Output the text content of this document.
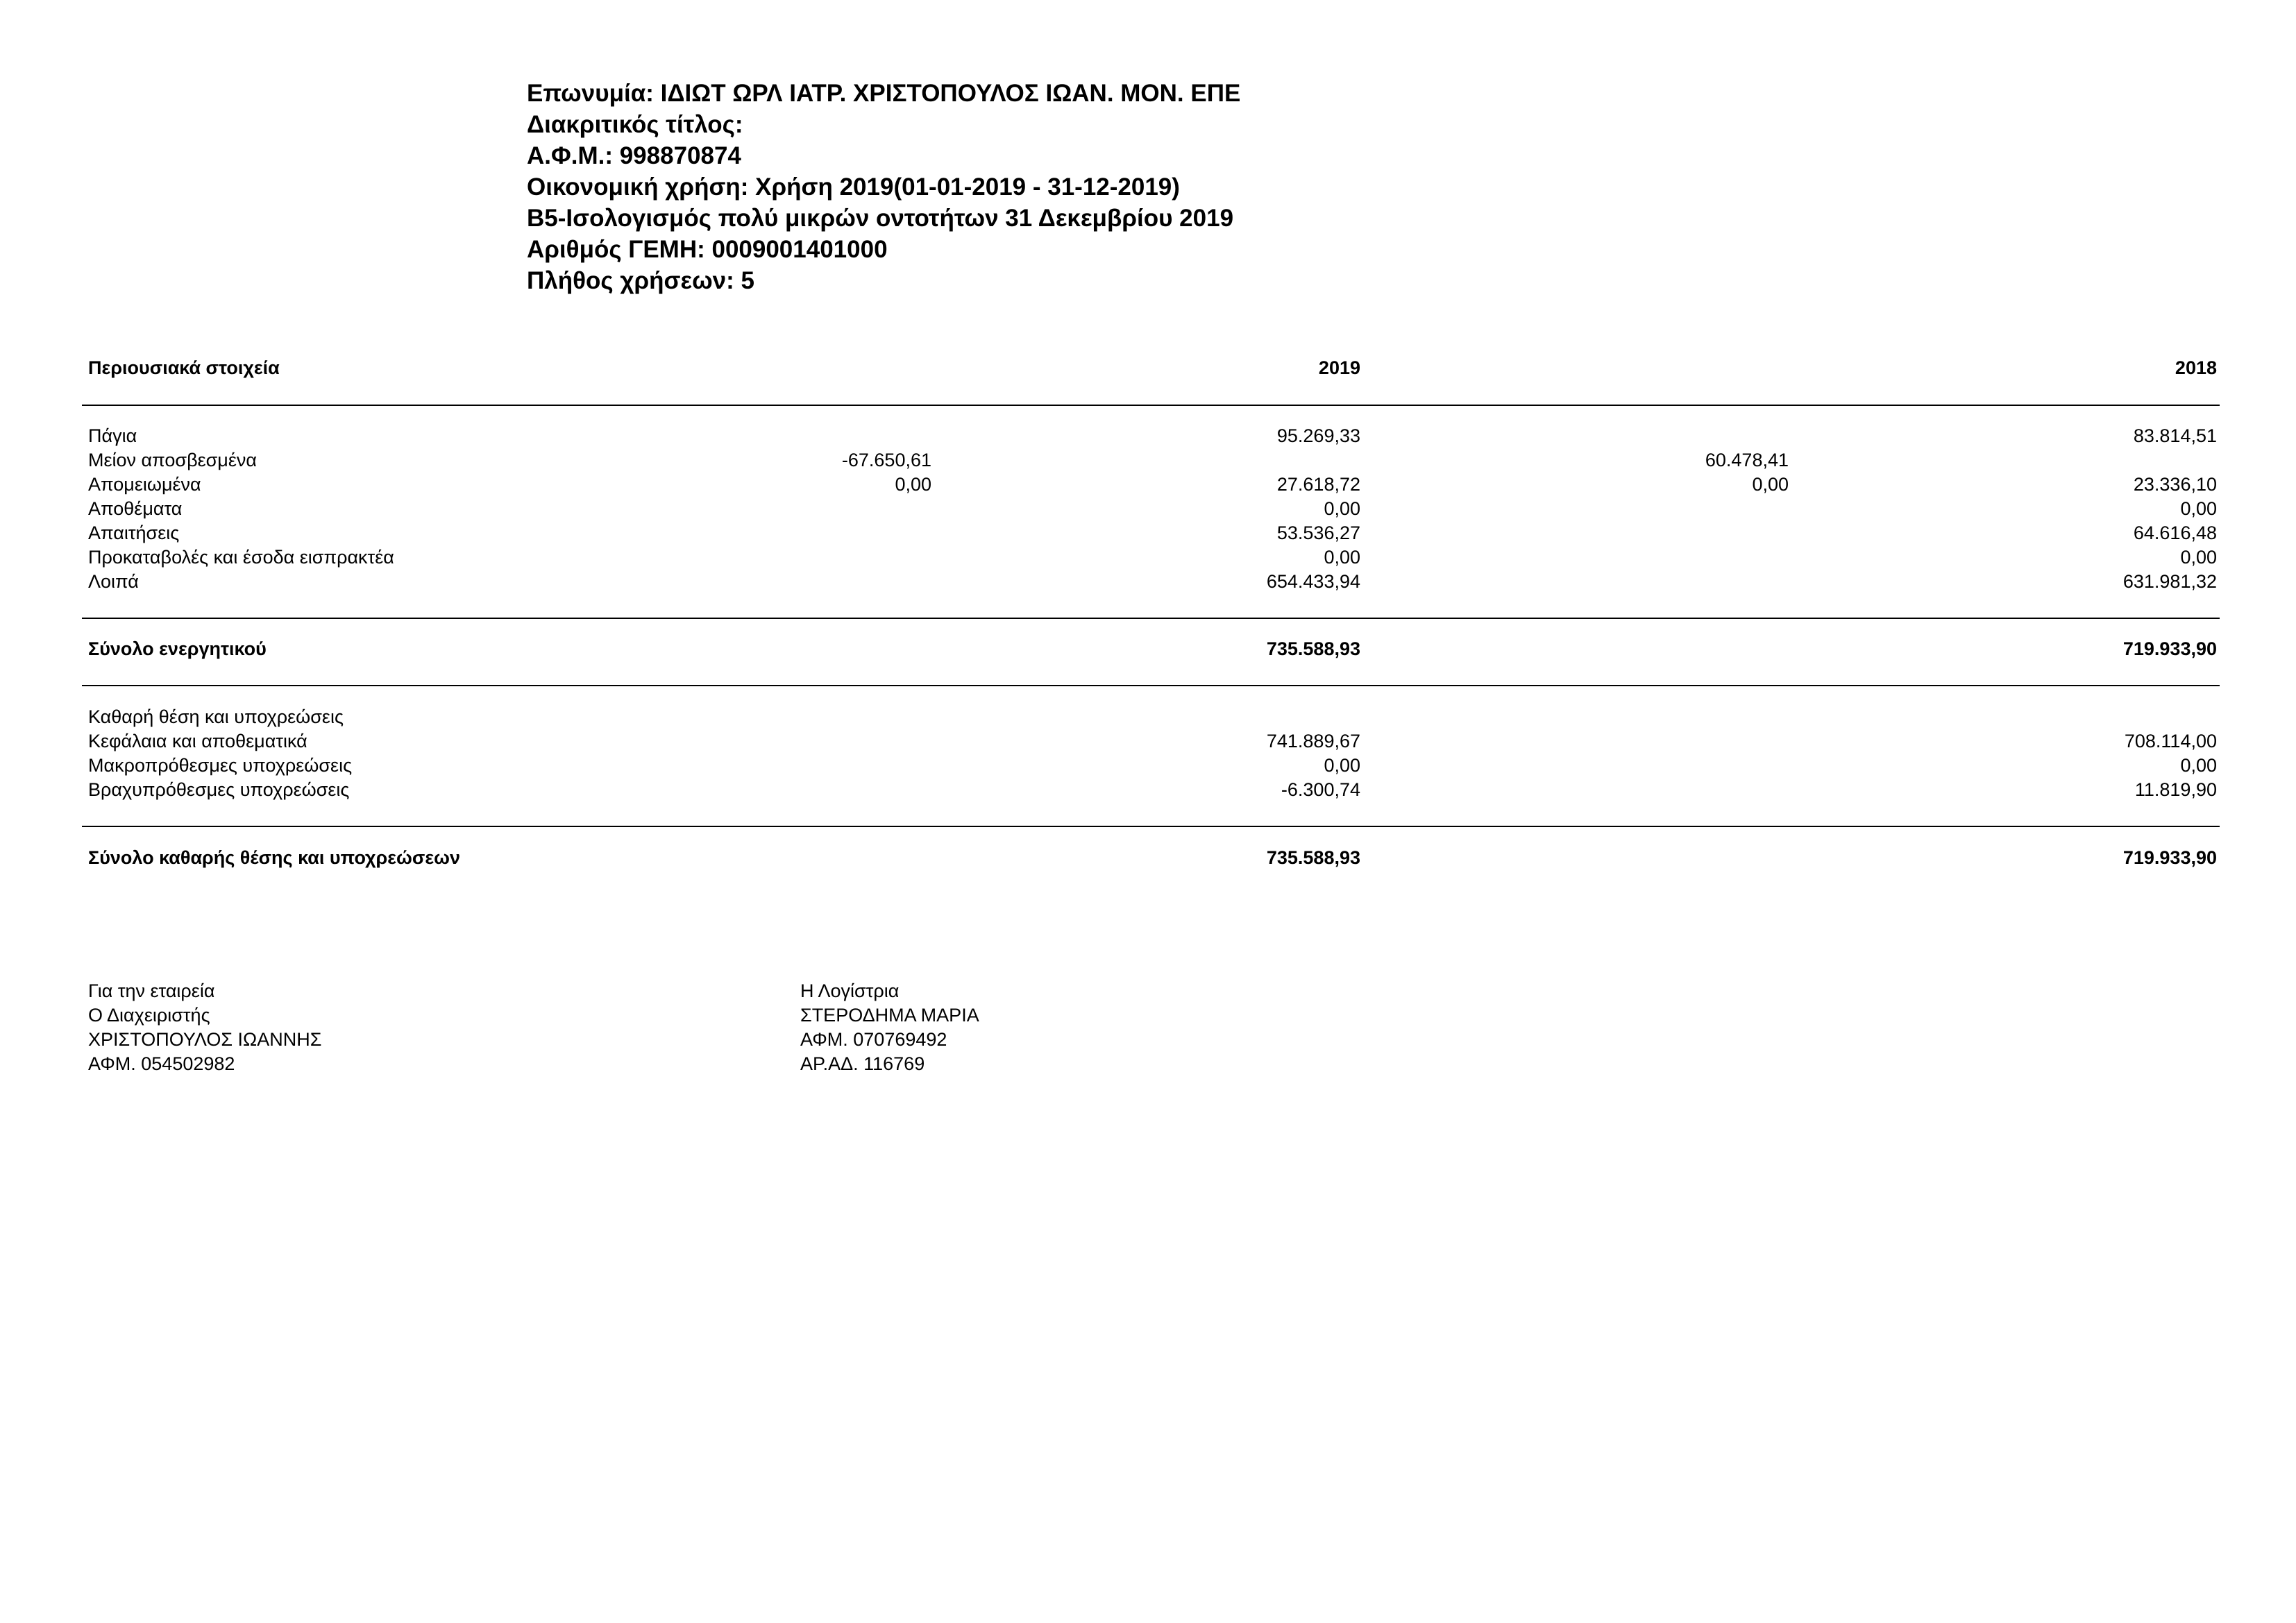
Επωνυμία: ΙΔΙΩΤ ΩΡΛ ΙΑΤΡ. ΧΡΙΣΤΟΠΟΥΛΟΣ ΙΩΑΝ. ΜΟΝ. ΕΠΕ
Διακριτικός τίτλος:
Α.Φ.Μ.: 998870874
Οικονομική χρήση: Χρήση 2019(01-01-2019 - 31-12-2019)
Β5-Ισολογισμός πολύ μικρών οντοτήτων 31 Δεκεμβρίου 2019
Αριθμός ΓΕΜΗ: 0009001401000
Πλήθος χρήσεων: 5
Περιουσιακά στοιχεία	2019	2018
Πάγια	95.269,33	83.814,51
Μείον αποσβεσμένα	-67.650,61	60.478,41
Απομειωμένα	0,00	27.618,72	0,00	23.336,10
Αποθέματα	0,00	0,00
Απαιτήσεις	53.536,27	64.616,48
Προκαταβολές και έσοδα εισπρακτέα	0,00	0,00
Λοιπά	654.433,94	631.981,32
Σύνολο ενεργητικού	735.588,93	719.933,90
Καθαρή θέση και υποχρεώσεις
Κεφάλαια και αποθεματικά	741.889,67	708.114,00
Μακροπρόθεσμες υποχρεώσεις	0,00	0,00
Βραχυπρόθεσμες υποχρεώσεις	-6.300,74	11.819,90
Σύνολο καθαρής θέσης και υποχρεώσεων	735.588,93	719.933,90
Για την εταιρεία
Ο Διαχειριστής
ΧΡΙΣΤΟΠΟΥΛΟΣ ΙΩΑΝΝΗΣ
ΑΦΜ. 054502982
Η Λογίστρια
ΣΤΕΡΟΔΗΜΑ ΜΑΡΙΑ
ΑΦΜ. 070769492
ΑΡ.ΑΔ. 116769
